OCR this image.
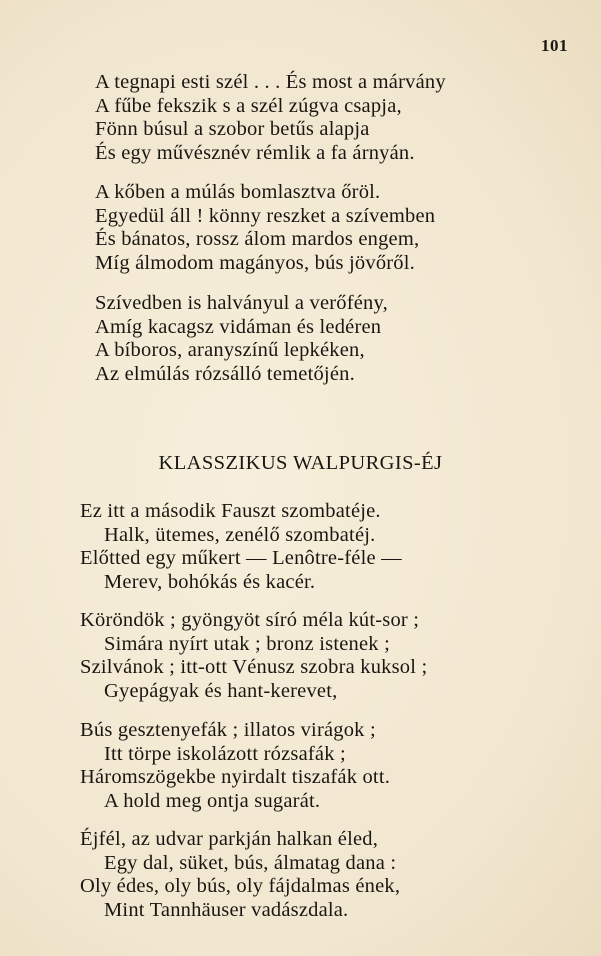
101
A tegnapi esti szél . . . És most a márvány
A fűbe fekszik s a szél zúgva csapja,
Fönn búsul a szobor betűs alapja
És egy művésznév rémlik a fa árnyán.
A kőben a múlás bomlasztva őröl.
Egyedül áll ! könny reszket a szívemben
És bánatos, rossz álom mardos engem,
Míg álmodom magányos, bús jövőről.
Szívedben is halványul a verőfény,
Amíg kacagsz vidáman és ledéren
A bíboros, aranyszínű lepkéken,
Az elmúlás rózsálló temetőjén.
KLASSZIKUS WALPURGIS-ÉJ
Ez itt a második Fauszt szombatéje.
Halk, ütemes, zenélő szombatéj.
Előtted egy műkert — Lenôtre-féle —
Merev, bohókás és kacér.
Köröndök ; gyöngyöt síró méla kút-sor ;
Simára nyírt utak ; bronz istenek ;
Szilvánok ; itt-ott Vénusz szobra kuksol ;
Gyepágyak és hant-kerevet,
Bús gesztenyefák ; illatos virágok ;
Itt törpe iskolázott rózsafák ;
Háromszögekbe nyirdalt tiszafák ott.
A hold meg ontja sugarát.
Éjfél, az udvar parkján halkan éled,
Egy dal, süket, bús, álmatag dana :
Oly édes, oly bús, oly fájdalmas ének,
Mint Tannhäuser vadászdala.
